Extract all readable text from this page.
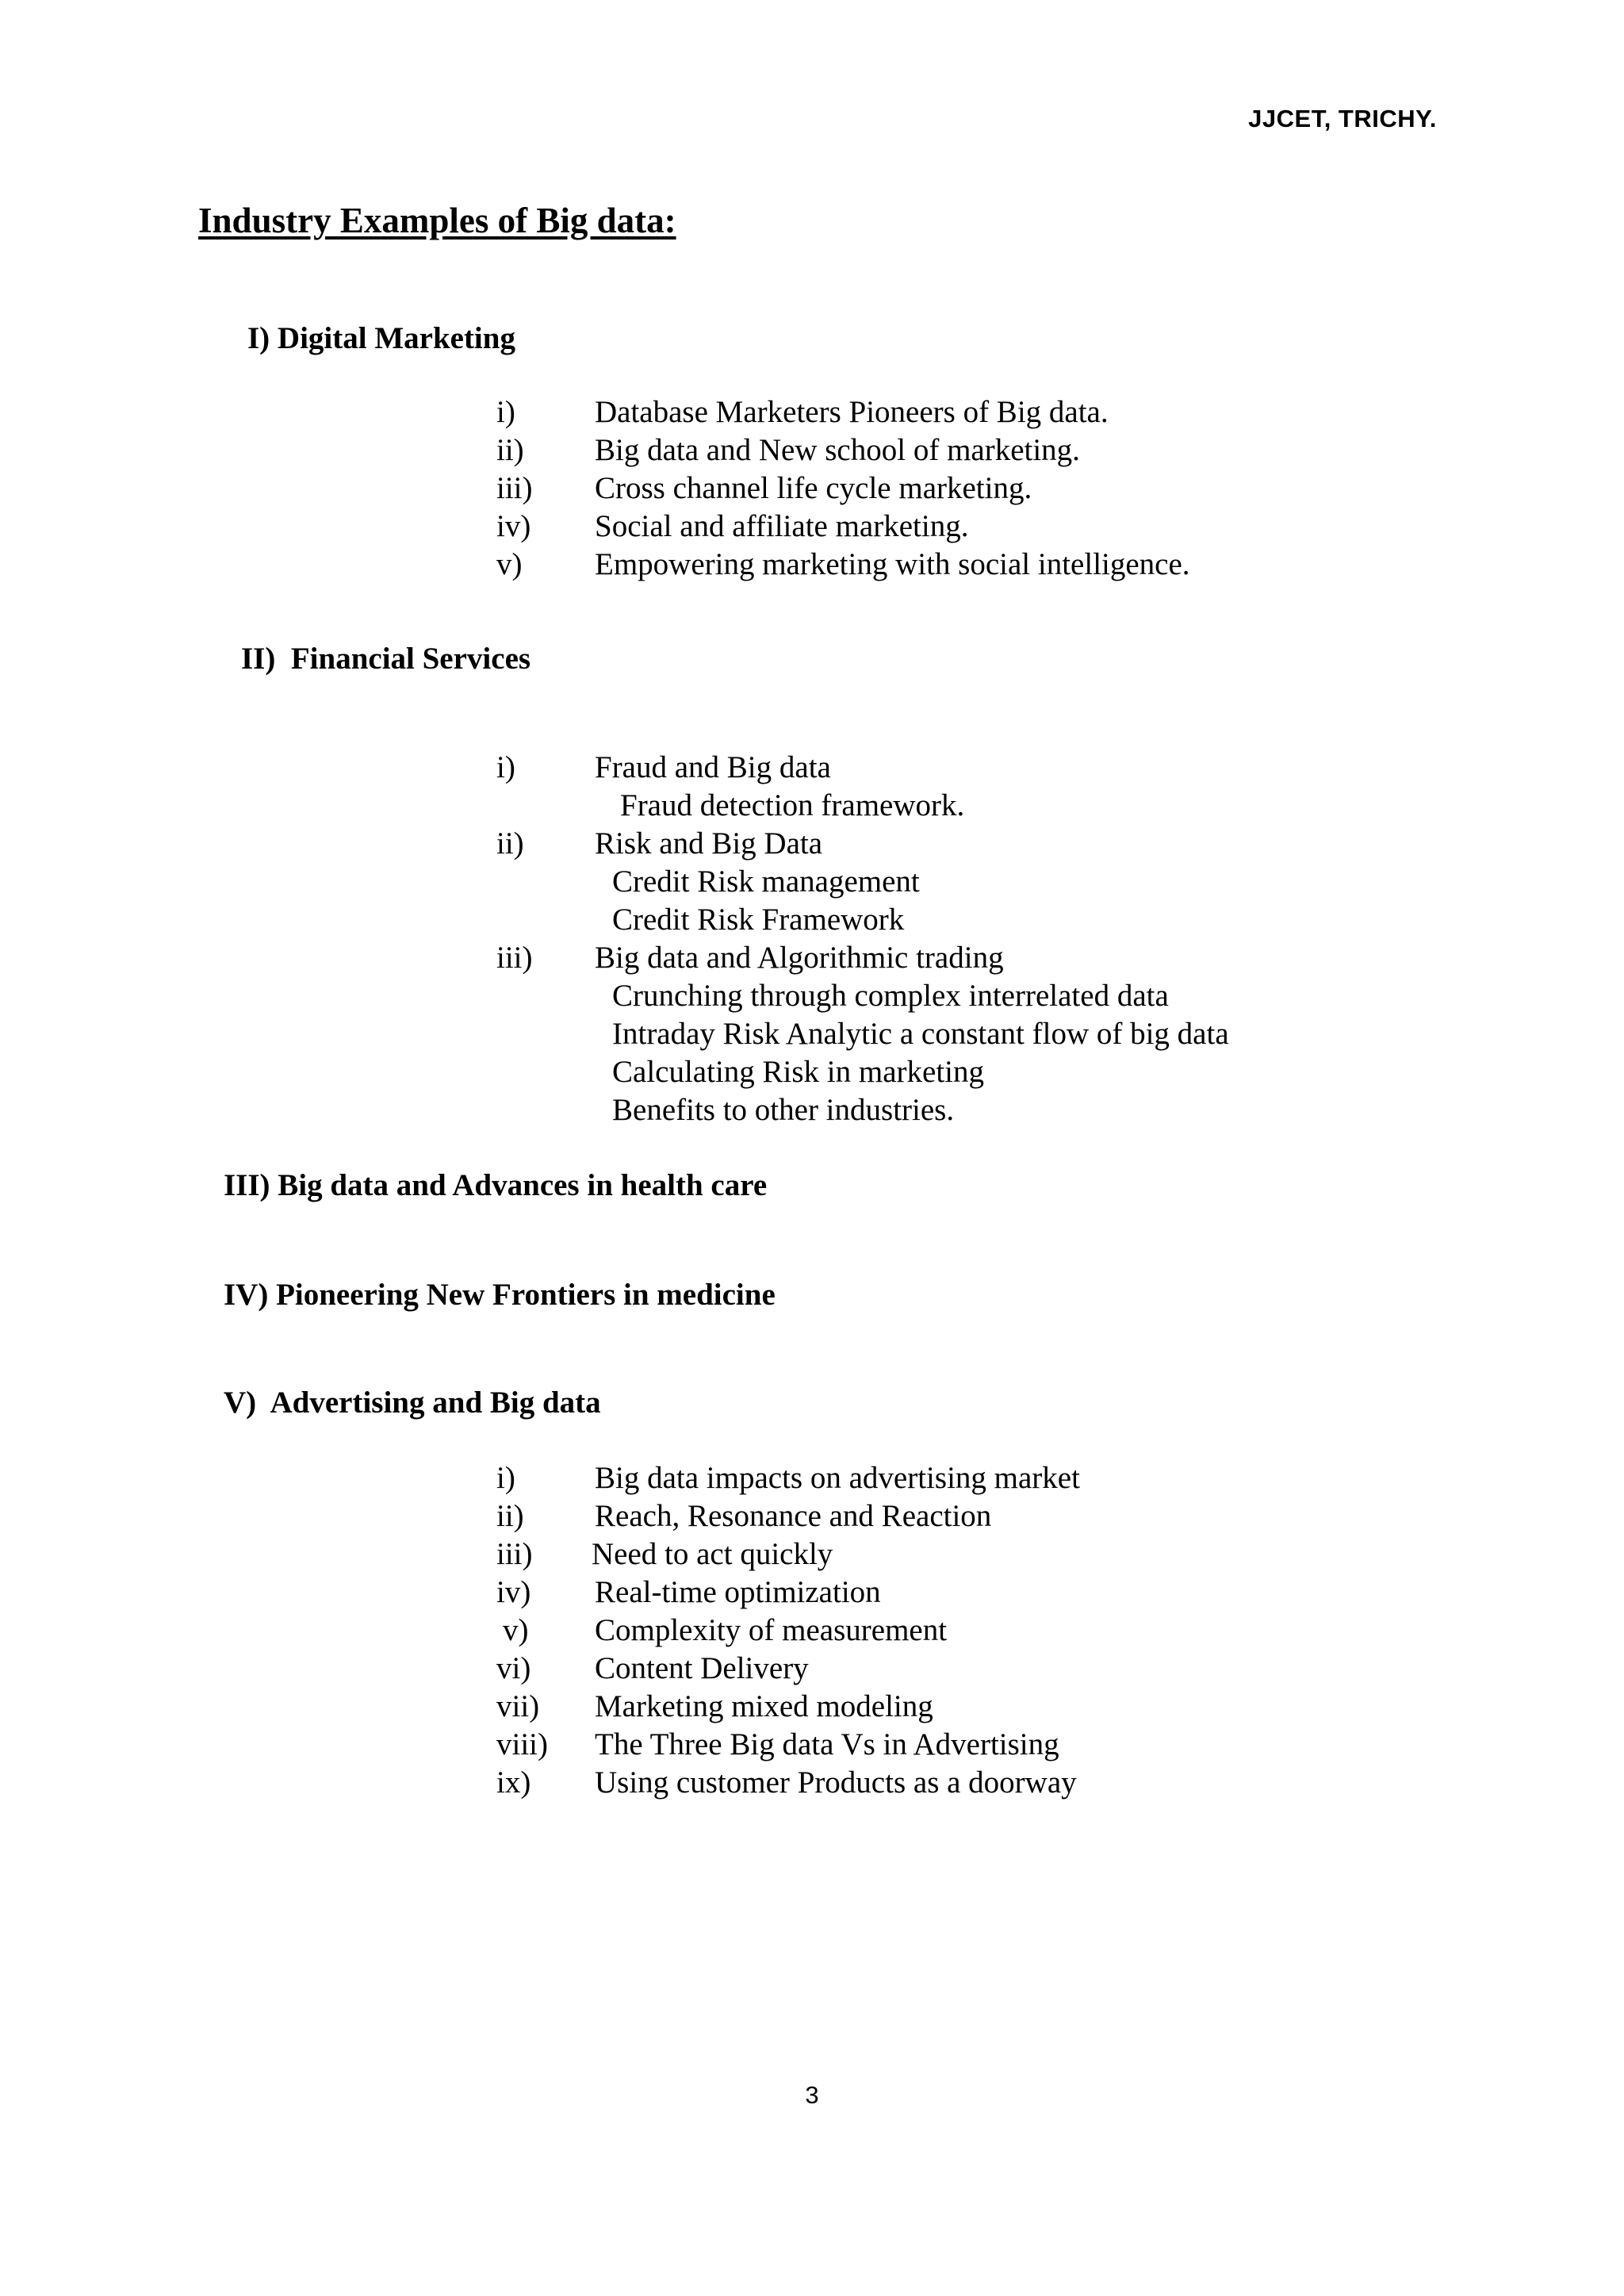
JJCET, TRICHY.
Industry Examples of Big data:
I) Digital Marketing
i)	Database Marketers Pioneers of Big data.
ii) Big data and New school of marketing.
iii) Cross channel life cycle marketing.
iv) Social and affiliate marketing.
v) Empowering marketing with social intelligence.
II)  Financial Services
i)	Fraud and Big data
Fraud detection framework.
ii) Risk and Big Data
Credit Risk management
Credit Risk Framework
iii) Big data and Algorithmic trading
Crunching through complex interrelated data
Intraday Risk Analytic a constant flow of big data
Calculating Risk in marketing
Benefits to other industries.
III) Big data and Advances in health care
IV) Pioneering New Frontiers in medicine
V)  Advertising and Big data
i)	Big data impacts on advertising market
ii) Reach, Resonance and Reaction
iii) Need to act quickly
iv) Real-time optimization
v) Complexity of measurement
vi) Content Delivery
vii) Marketing mixed modeling
viii) The Three Big data Vs in Advertising
ix) Using customer Products as a doorway
3
